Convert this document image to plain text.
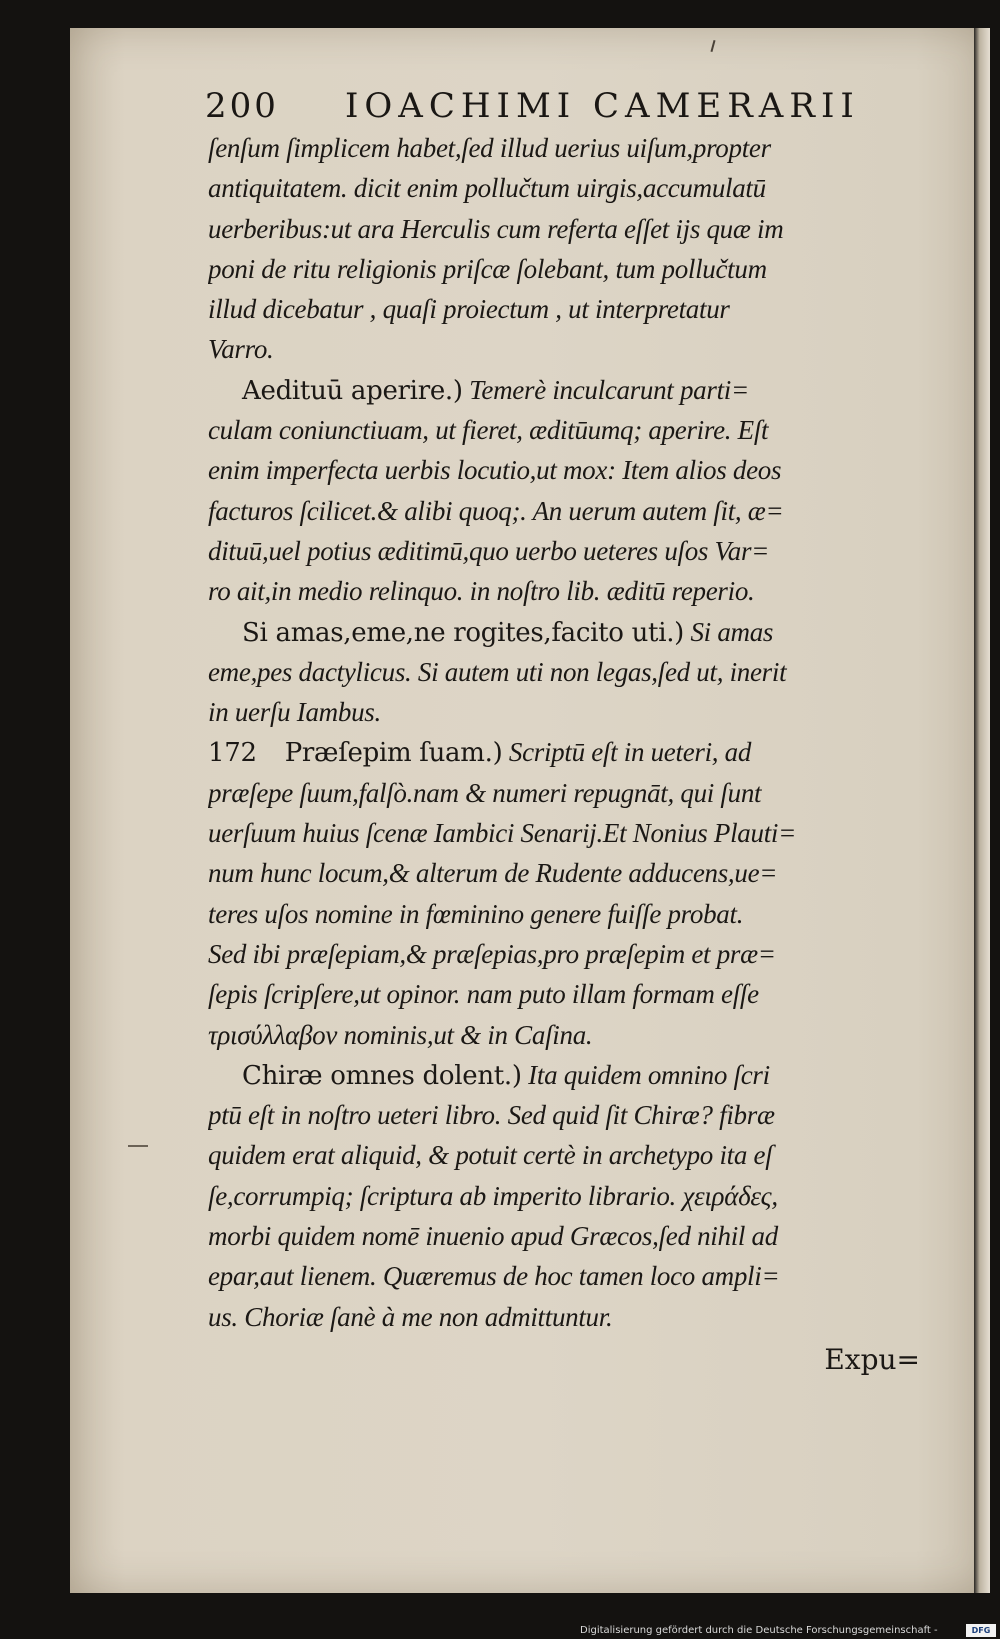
200 IOACHIMI CAMERARII
ſenſum ſimplicem habet,ſed illud uerius uiſum,propter
antiquitatem. dicit enim pollučtum uirgis,accumulatū
uerberibus:ut ara Herculis cum referta eſſet ijs quæ im
poni de ritu religionis priſcæ ſolebant, tum pollučtum
illud dicebatur , quaſi proiectum , ut interpretatur
Varro.
Aedituū aperire.) Temerè inculcarunt parti=
culam coniunctiuam, ut fieret, æditūumq; aperire. Eſt
enim imperfecta uerbis locutio,ut mox: Item alios deos
facturos ſcilicet.& alibi quoq;. An uerum autem ſit, æ=
dituū,uel potius æditimū,quo uerbo ueteres uſos Var=
ro ait,in medio relinquo. in noſtro lib. æditū reperio.
Si amas,eme,ne rogites,facito uti.) Si amas
eme,pes dactylicus. Si autem uti non legas,ſed ut, inerit
in uerſu Iambus.
172 Præſepim ſuam.) Scriptū eſt in ueteri, ad
præſepe ſuum,falſò.nam & numeri repugnāt, qui ſunt
uerſuum huius ſcenæ Iambici Senarij.Et Nonius Plauti=
num hunc locum,& alterum de Rudente adducens,ue=
teres uſos nomine in fœminino genere fuiſſe probat.
Sed ibi præſepiam,& præſepias,pro præſepim et præ=
ſepis ſcripſere,ut opinor. nam puto illam formam eſſe
τρισύλλαβον nominis,ut & in Caſina.
Chiræ omnes dolent.) Ita quidem omnino ſcri
ptū eſt in noſtro ueteri libro. Sed quid ſit Chiræ? fibræ
quidem erat aliquid, & potuit certè in archetypo ita eſ
ſe,corrumpiq; ſcriptura ab imperito librario. χειράδες,
morbi quidem nomē inuenio apud Græcos,ſed nihil ad
epar,aut lienem. Quæremus de hoc tamen loco ampli=
us. Choriæ ſanè à me non admittuntur.
Expu=
Digitalisierung gefördert durch die Deutsche Forschungsgemeinschaft -	DFG
